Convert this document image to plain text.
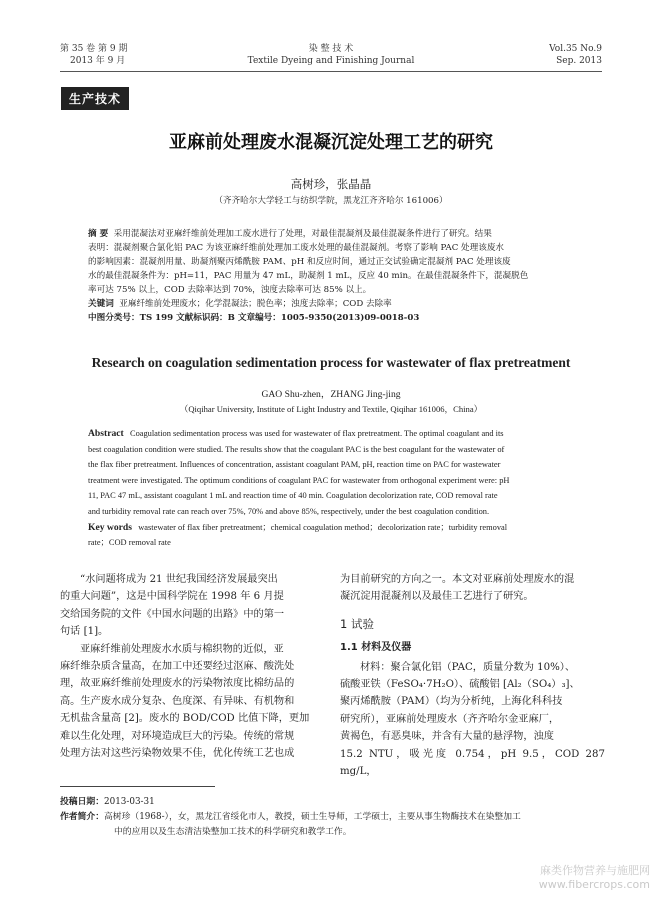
第 35 卷 第 9 期
2013 年 9 月
染 整 技 术
Textile Dyeing and Finishing Journal
Vol.35 No.9
Sep. 2013
生产技术
亚麻前处理废水混凝沉淀处理工艺的研究
高树珍，张晶晶
（齐齐哈尔大学轻工与纺织学院，黑龙江齐齐哈尔 161006）

摘 要 采用混凝法对亚麻纤维前处理加工废水进行了处理，对最佳混凝剂及最佳混凝条件进行了研究。结果

表明：混凝剂聚合氯化铝 PAC 为该亚麻纤维前处理加工废水处理的最佳混凝剂。考察了影响 PAC 处理该废水

的影响因素：混凝剂用量、助凝剂聚丙烯酰胺 PAM、pH 和反应时间，通过正交试验确定混凝剂 PAC 处理该废

水的最佳混凝条件为：pH=11，PAC 用量为 47 mL，助凝剂 1 mL，反应 40 min。在最佳混凝条件下，混凝脱色

率可达 75% 以上，COD 去除率达到 70%，浊度去除率可达 85% 以上。

关键词 亚麻纤维前处理废水；化学混凝法；脱色率；浊度去除率；COD 去除率

中图分类号：TS 199 文献标识码：B 文章编号：1005-9350(2013)09-0018-03

Research on coagulation sedimentation process for wastewater of flax pretreatment
GAO Shu-zhen，ZHANG Jing-jing
（Qiqihar University, Institute of Light Industry and Textile, Qiqihar 161006，China）

Abstract Coagulation sedimentation process was used for wastewater of flax pretreatment. The optimal coagulant and its

best coagulation condition were studied. The results show that the coagulant PAC is the best coagulant for the wastewater of

the flax fiber pretreatment. Influences of concentration, assistant coagulant PAM, pH, reaction time on PAC for wastewater

treatment were investigated. The optimum conditions of coagulant PAC for wastewater from orthogonal experiment were: pH

11, PAC 47 mL, assistant coagulant 1 mL and reaction time of 40 min. Coagulation decolorization rate, COD removal rate

and turbidity removal rate can reach over 75%, 70% and above 85%, respectively, under the best coagulation condition.

Key words wastewater of flax fiber pretreatment；chemical coagulation method；decolorization rate；turbidity removal

rate；COD removal rate

“水问题将成为 21 世纪我国经济发展最突出

的重大问题”，这是中国科学院在 1998 年 6 月提

交给国务院的文件《中国水问题的出路》中的第一

句话 [1]。

亚麻纤维前处理废水水质与棉织物的近似，亚

麻纤维杂质含量高，在加工中还要经过沤麻、酸洗处

理，故亚麻纤维前处理废水的污染物浓度比棉纺品的

高。生产废水成分复杂、色度深、有异味、有机物和

无机盐含量高 [2]。废水的 BOD/COD 比值下降，更加

难以生化处理，对环境造成巨大的污染。传统的常规

处理方法对这些污染物效果不佳，优化传统工艺也成

为目前研究的方向之一。本文对亚麻前处理废水的混

凝沉淀用混凝剂以及最佳工艺进行了研究。

1 试验

1.1 材料及仪器

材料：聚合氯化铝（PAC，质量分数为 10%）、

硫酸亚铁（FeSO₄·7H₂O）、硫酸铝 [Al₂（SO₄）₃]、

聚丙烯酰胺（PAM）（均为分析纯，上海化科科技

研究所），亚麻前处理废水（齐齐哈尔金亚麻厂，

黄褐色，有恶臭味，并含有大量的悬浮物，浊度

15.2 NTU，吸光度 0.754，pH 9.5，COD 287 mg/L，

投稿日期：2013-03-31

作者简介：高树珍（1968-），女，黑龙江省绥化市人，教授，硕士生导师，工学硕士，主要从事生物酶技术在染整加工

中的应用以及生态清洁染整加工技术的科学研究和教学工作。

麻类作物营养与施肥网
www.fibercrops.com
